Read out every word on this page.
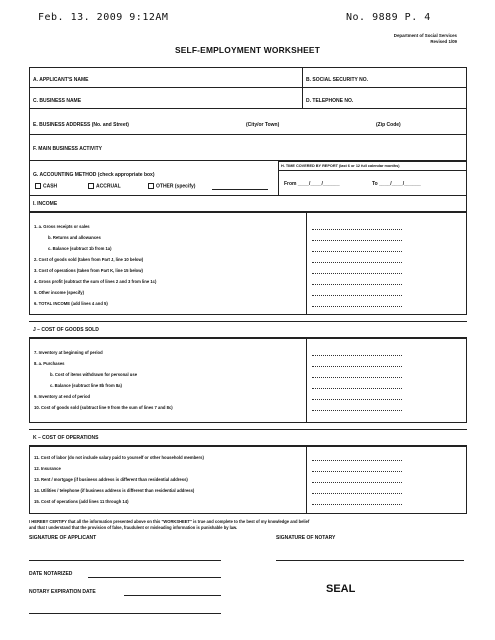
Feb. 13. 2009 9:12AM	No. 9889 P. 4
Department of Social Services
Revised 1/09
SELF-EMPLOYMENT WORKSHEET
A. APPLICANT'S NAME	B. SOCIAL SECURITY NO.
C. BUSINESS NAME	D. TELEPHONE NO.
E. BUSINESS ADDRESS (No. and Street)	(City/or Town)	(Zip Code)
F. MAIN BUSINESS ACTIVITY
G. ACCOUNTING METHOD (check appropriate box)
CASH	ACCRUAL	OTHER (specify)
H. TIME COVERED BY REPORT (last 6 or 12 full calendar months)
From ____/____/______	To ____/____/______
I. INCOME
1. a. Gross receipts or sales
b. Returns and allowances
c. Balance (subtract 1b from 1a)
2. Cost of goods sold (taken from Part J, line 10 below)
3. Cost of operations (taken from Part K, line 15 below)
4. Gross profit (subtract the sum of lines 2 and 3 from line 1c)
5. Other income (specify)
6. TOTAL INCOME (add lines 4 and 5)
J – COST OF GOODS SOLD
7. Inventory at beginning of period
8. a. Purchases
b. Cost of items withdrawn for personal use
c. Balance (subtract line 8b from 8a)
9. Inventory at end of period
10. Cost of goods sold (subtract line 9 from the sum of lines 7 and 8c)
K – COST OF OPERATIONS
11. Cost of labor (do not include salary paid to yourself or other household members)
12. Insurance
13. Rent / mortgage (if business address is different than residential address)
14. Utilities / telephone (if business address is different than residential address)
15. Cost of operations (add lines 11 through 14)
I HEREBY CERTIFY that all the information presented above on this "WORKSHEET" is true and complete to the best of my knowledge and belief
and that I understand that the provision of false, fraudulent or misleading information is punishable by law.
SIGNATURE OF APPLICANT	SIGNATURE OF NOTARY
DATE NOTARIZED
NOTARY EXPIRATION DATE	SEAL
